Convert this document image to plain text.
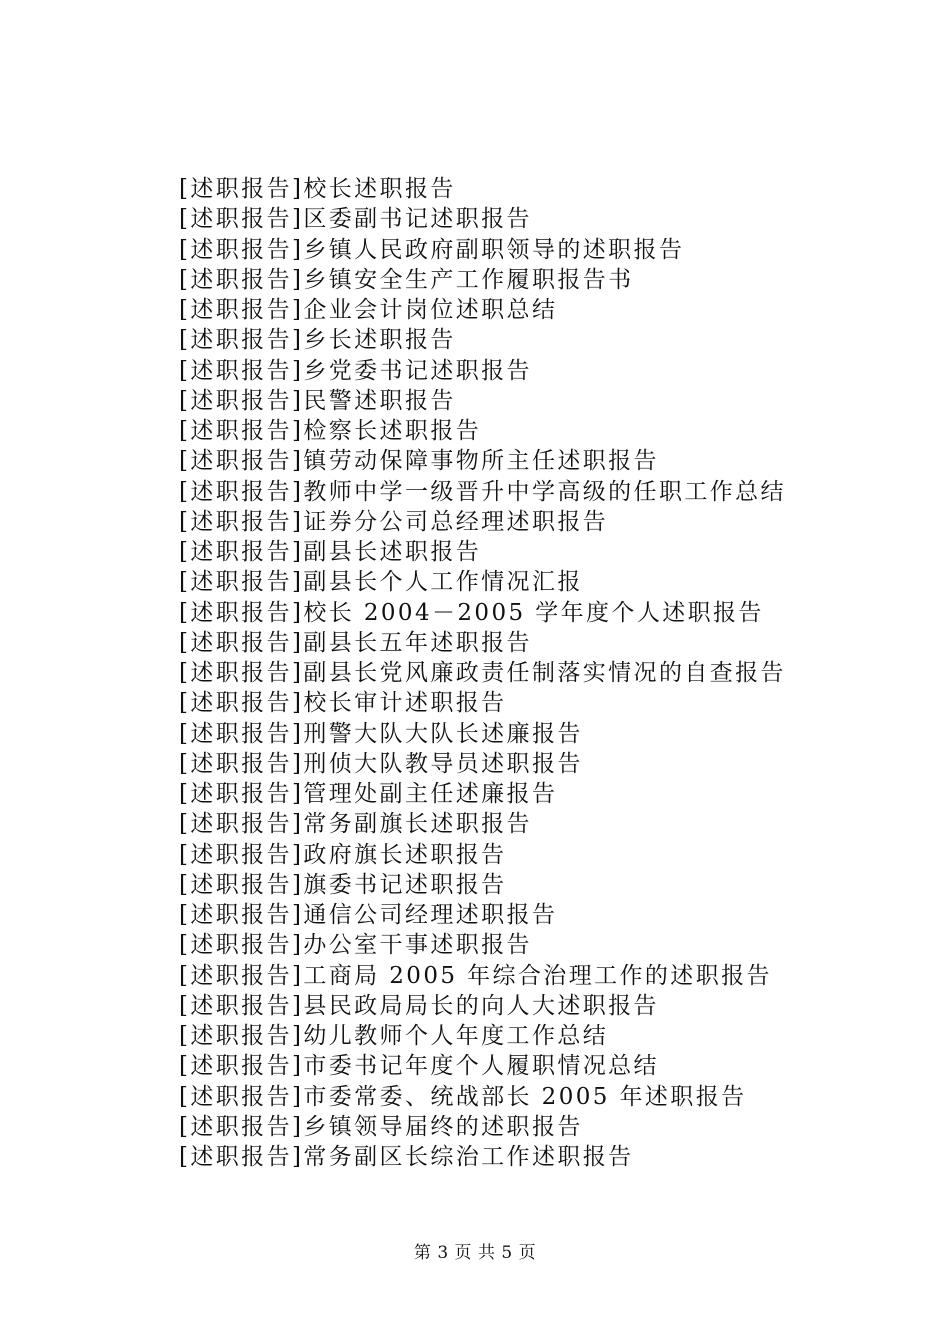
[述职报告]校长述职报告
[述职报告]区委副书记述职报告
[述职报告]乡镇人民政府副职领导的述职报告
[述职报告]乡镇安全生产工作履职报告书
[述职报告]企业会计岗位述职总结
[述职报告]乡长述职报告
[述职报告]乡党委书记述职报告
[述职报告]民警述职报告
[述职报告]检察长述职报告
[述职报告]镇劳动保障事物所主任述职报告
[述职报告]教师中学一级晋升中学高级的任职工作总结
[述职报告]证券分公司总经理述职报告
[述职报告]副县长述职报告
[述职报告]副县长个人工作情况汇报
[述职报告]校长 2004－2005 学年度个人述职报告
[述职报告]副县长五年述职报告
[述职报告]副县长党风廉政责任制落实情况的自查报告
[述职报告]校长审计述职报告
[述职报告]刑警大队大队长述廉报告
[述职报告]刑侦大队教导员述职报告
[述职报告]管理处副主任述廉报告
[述职报告]常务副旗长述职报告
[述职报告]政府旗长述职报告
[述职报告]旗委书记述职报告
[述职报告]通信公司经理述职报告
[述职报告]办公室干事述职报告
[述职报告]工商局 2005 年综合治理工作的述职报告
[述职报告]县民政局局长的向人大述职报告
[述职报告]幼儿教师个人年度工作总结
[述职报告]市委书记年度个人履职情况总结
[述职报告]市委常委、统战部长 2005 年述职报告
[述职报告]乡镇领导届终的述职报告
[述职报告]常务副区长综治工作述职报告
第 3 页 共 5 页
